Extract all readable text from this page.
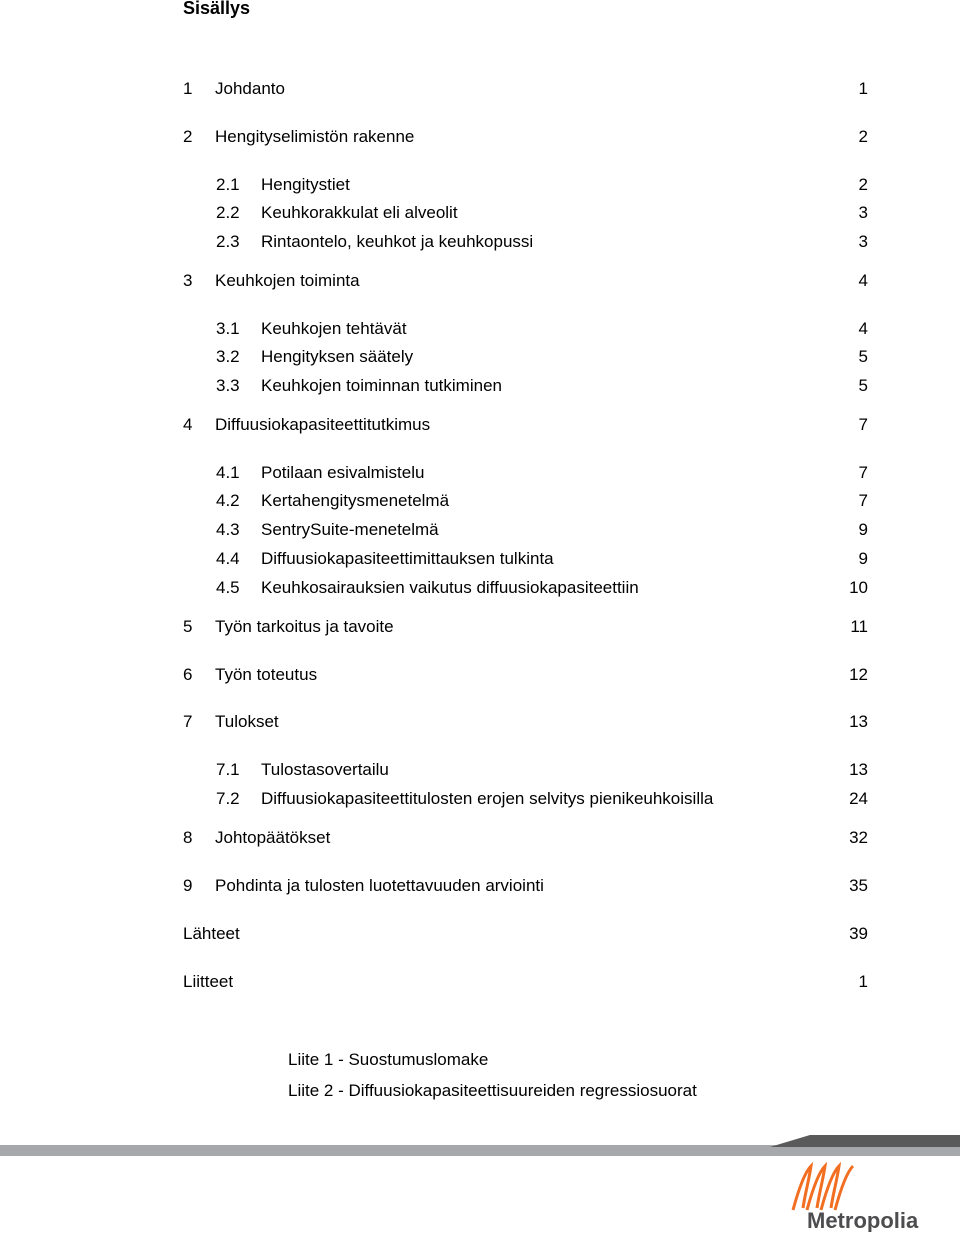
Sisällys
1 Johdanto	1
2 Hengityselimistön rakenne	2
2.1 Hengitystiet	2
2.2 Keuhkorakkulat eli alveolit	3
2.3 Rintaontelo, keuhkot ja keuhkopussi	3
3 Keuhkojen toiminta	4
3.1 Keuhkojen tehtävät	4
3.2 Hengityksen säätely	5
3.3 Keuhkojen toiminnan tutkiminen	5
4 Diffuusiokapasiteettitutkimus	7
4.1 Potilaan esivalmistelu	7
4.2 Kertahengitysmenetelmä	7
4.3 SentrySuite-menetelmä	9
4.4 Diffuusiokapasiteettimittauksen tulkinta	9
4.5 Keuhkosairauksien vaikutus diffuusiokapasiteettiin	10
5 Työn tarkoitus ja tavoite	11
6 Työn toteutus	12
7 Tulokset	13
7.1 Tulostasovertailu	13
7.2 Diffuusiokapasiteettitulosten erojen selvitys pienikeuhkoisilla	24
8 Johtopäätökset	32
9 Pohdinta ja tulosten luotettavuuden arviointi	35
Lähteet	39
Liitteet	1
Liite 1 - Suostumuslomake
Liite 2 - Diffuusiokapasiteettisuureiden regressiosuorat
Metropolia
